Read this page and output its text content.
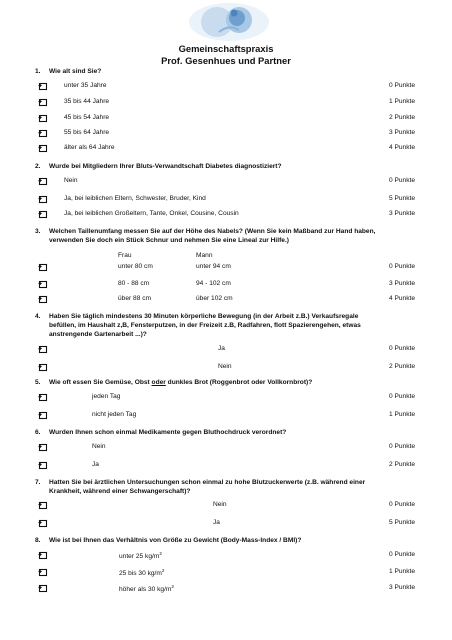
Gemeinschaftspraxis
Prof. Gesenhues und Partner
1. Wie alt sind Sie?
unter 35 Jahre	0 Punkte
35 bis 44 Jahre	1 Punkte
45 bis 54 Jahre	2 Punkte
55 bis 64 Jahre	3 Punkte
älter als 64 Jahre	4 Punkte
2. Wurde bei Mitgliedern Ihrer Bluts-Verwandtschaft Diabetes diagnostiziert?
Nein	0 Punkte
Ja, bei leiblichen Eltern, Schwester, Bruder, Kind	5 Punkte
Ja, bei leiblichen Großeltern, Tante, Onkel, Cousine, Cousin	3 Punkte
3. Welchen Taillenumfang messen Sie auf der Höhe des Nabels? (Wenn Sie kein Maßband zur Hand haben,
verwenden Sie doch ein Stück Schnur und nehmen Sie eine Lineal zur Hilfe.)
Frau	Mann
unter 80 cm	unter 94 cm	0 Punkte
80 - 88 cm	94 - 102 cm	3 Punkte
über 88 cm	über 102 cm	4 Punkte
4. Haben Sie täglich mindestens 30 Minuten körperliche Bewegung (in der Arbeit z.B.) Verkaufsregale
befüllen, im Haushalt z,B, Fensterputzen, in der Freizeit z.B, Radfahren, flott Spazierengehen, etwas
anstrengende Gartenarbeit ...)?
Ja	0 Punkte
Nein	2 Punkte
5. Wie oft essen Sie Gemüse, Obst oder dunkles Brot (Roggenbrot oder Vollkornbrot)?
jeden Tag	0 Punkte
nicht jeden Tag	1 Punkte
6. Wurden Ihnen schon einmal Medikamente gegen Bluthochdruck verordnet?
Nein	0 Punkte
Ja	2 Punkte
7. Hatten Sie bei ärztlichen Untersuchungen schon einmal zu hohe Blutzuckerwerte (z.B. während einer
Krankheit, während einer Schwangerschaft)?
Nein	0 Punkte
Ja	5 Punkte
8. Wie ist bei Ihnen das Verhältnis von Größe zu Gewicht (Body-Mass-Index / BMI)?
unter 25 $kg/m^2$	0 Punkte
25 bis 30 $kg/m^2$	1 Punkte
höher als 30 $kg/m^2$	3 Punkte
